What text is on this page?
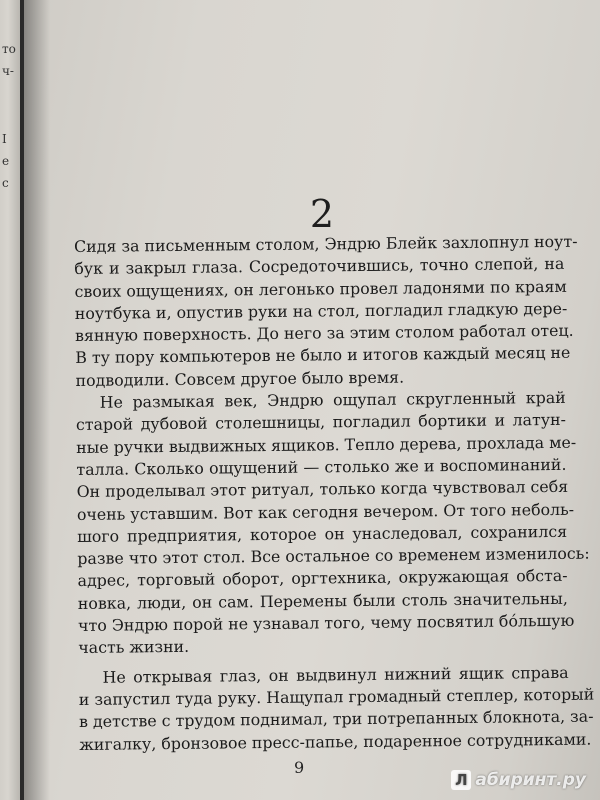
то
ч-
I
е
с
2
Сидя за письменным столом, Эндрю Блейк захлопнул ноут-
бук и закрыл глаза. Сосредоточившись, точно слепой, на
своих ощущениях, он легонько провел ладонями по краям
ноутбука и, опустив руки на стол, погладил гладкую дере-
вянную поверхность. До него за этим столом работал отец.
В ту пору компьютеров не было и итогов каждый месяц не
подводили. Совсем другое было время.
Не размыкая век, Эндрю ощупал скругленный край
старой дубовой столешницы, погладил бортики и латун-
ные ручки выдвижных ящиков. Тепло дерева, прохлада ме-
талла. Сколько ощущений — столько же и воспоминаний.
Он проделывал этот ритуал, только когда чувствовал себя
очень уставшим. Вот как сегодня вечером. От того неболь-
шого предприятия, которое он унаследовал, сохранился
разве что этот стол. Все остальное со временем изменилось:
адрес, торговый оборот, оргтехника, окружающая обста-
новка, люди, он сам. Перемены были столь значительны,
что Эндрю порой не узнавал того, чему посвятил бо́льшую
часть жизни.
Не открывая глаз, он выдвинул нижний ящик справа
и запустил туда руку. Нащупал громадный степлер, который
в детстве с трудом поднимал, три потрепанных блокнота, за-
жигалку, бронзовое пресс-папье, подаренное сотрудниками.
9
Л абиринт.ру
